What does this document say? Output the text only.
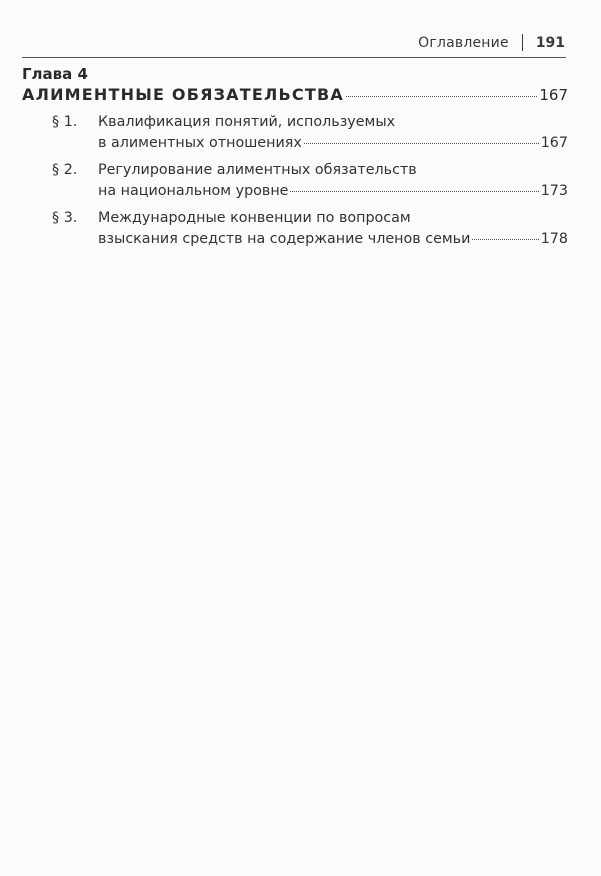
Оглавление 191
Глава 4
АЛИМЕНТНЫЕ ОБЯЗАТЕЛЬСТВА	167
§ 1.	Квалификация понятий, используемых
в алиментных отношениях	167
§ 2.	Регулирование алиментных обязательств
на национальном уровне	173
§ 3.	Международные конвенции по вопросам
взыскания средств на содержание членов семьи	178
